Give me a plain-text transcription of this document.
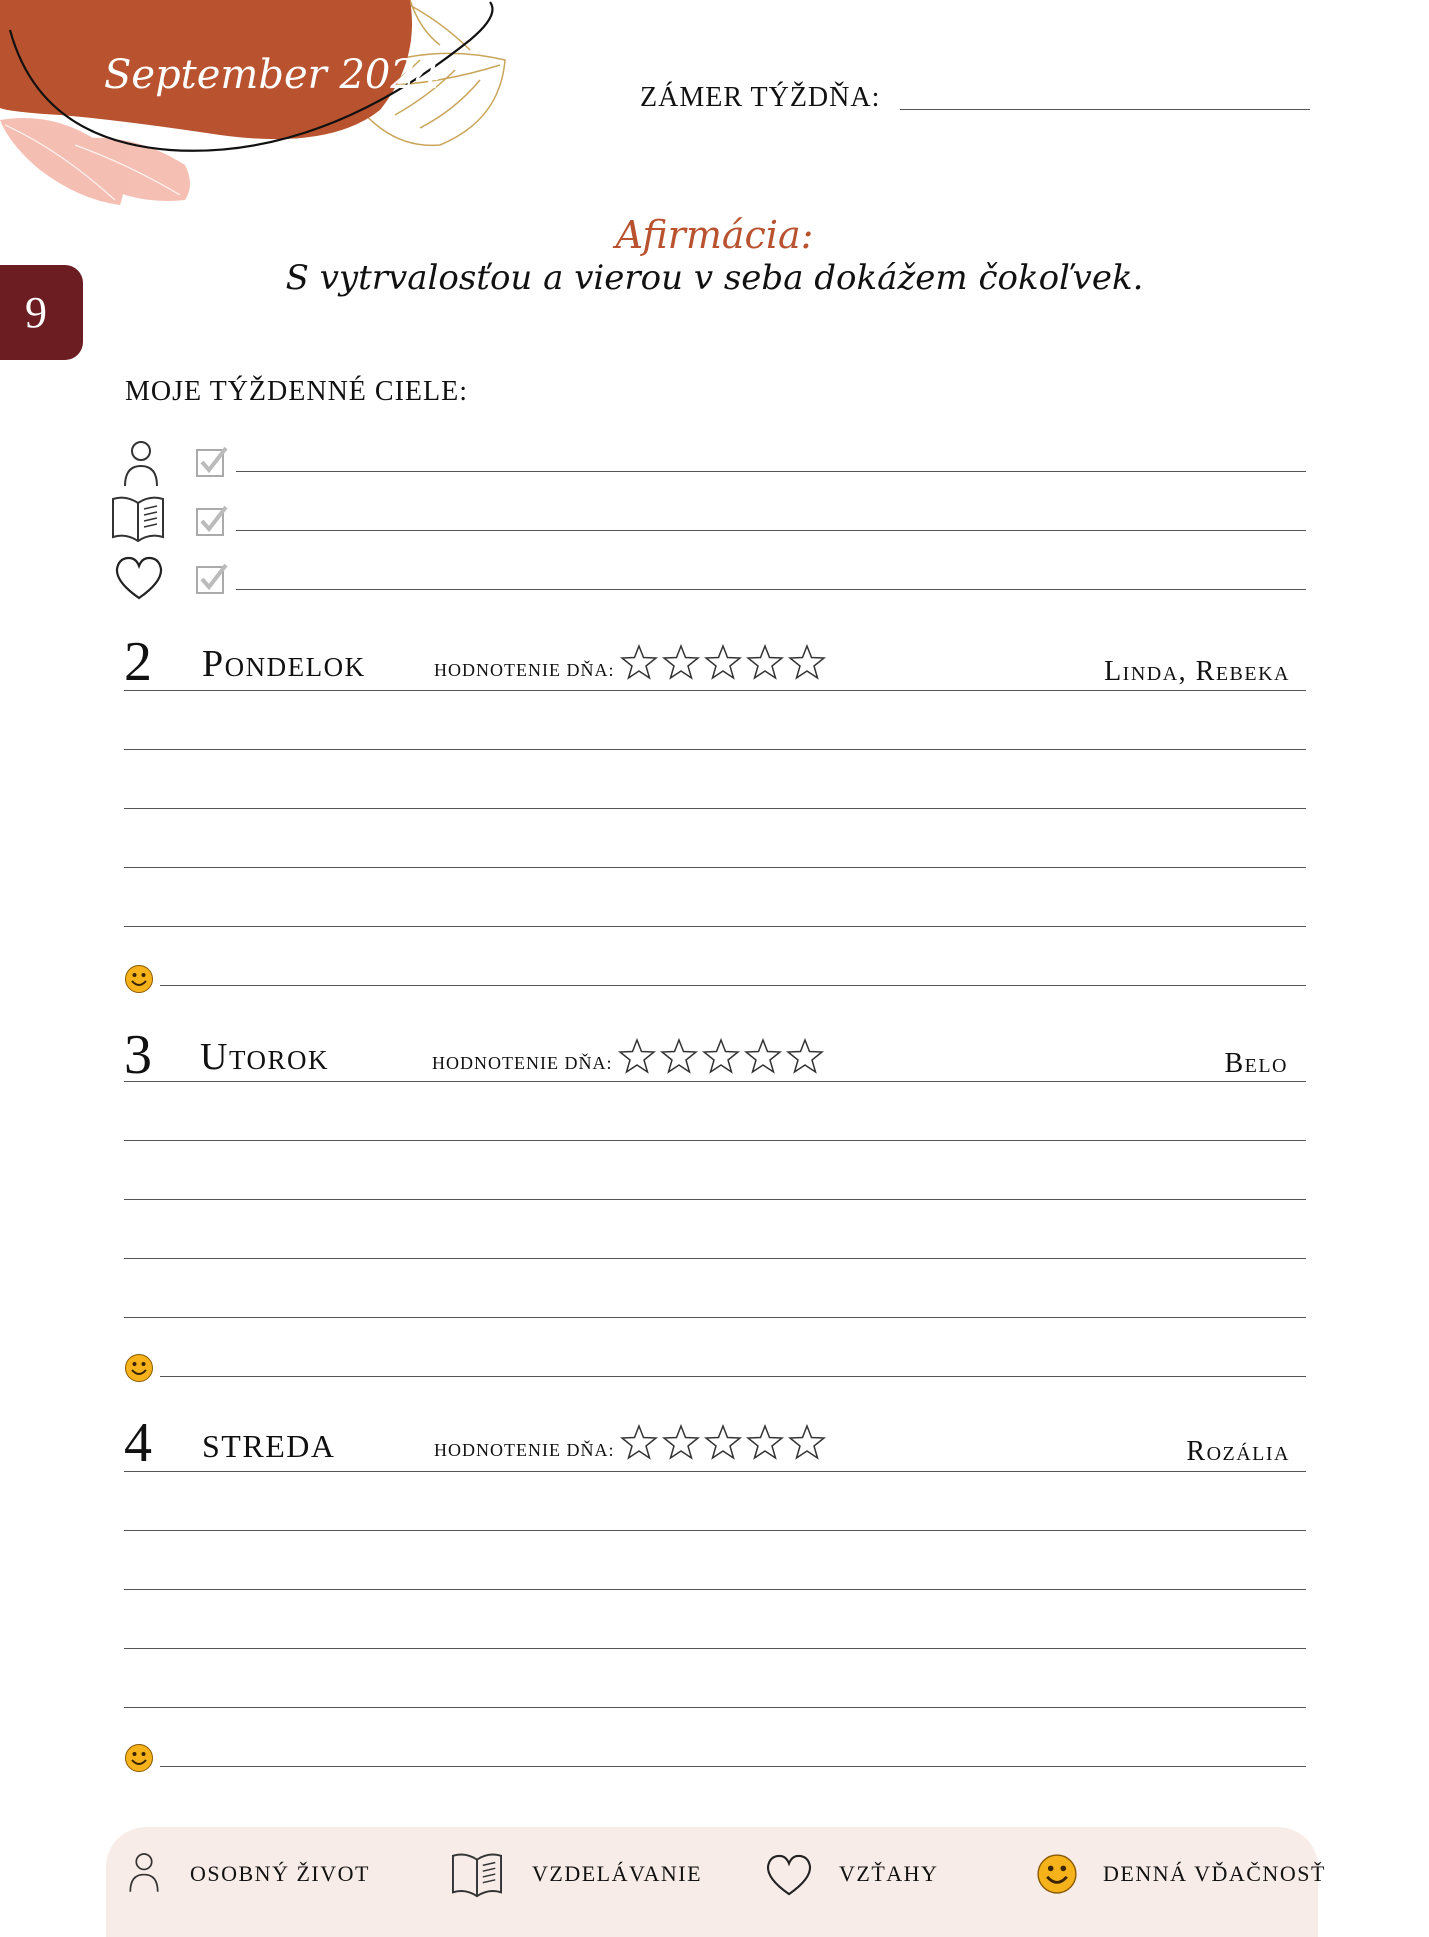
September 2024	ZÁMER TÝŽDŇA:
9
Afirmácia:
S vytrvalosťou a vierou v seba dokážem čokoľvek.
MOJE TÝŽDENNÉ CIELE:
2 Pondelok	HODNOTENIE DŇA:	Linda, Rebeka
3 Utorok	HODNOTENIE DŇA:	Belo
4 STREDA	HODNOTENIE DŇA:	Rozália
OSOBNÝ ŽIVOT	VZDELÁVANIE	VZŤAHY	DENNÁ VĎAČNOSŤ
